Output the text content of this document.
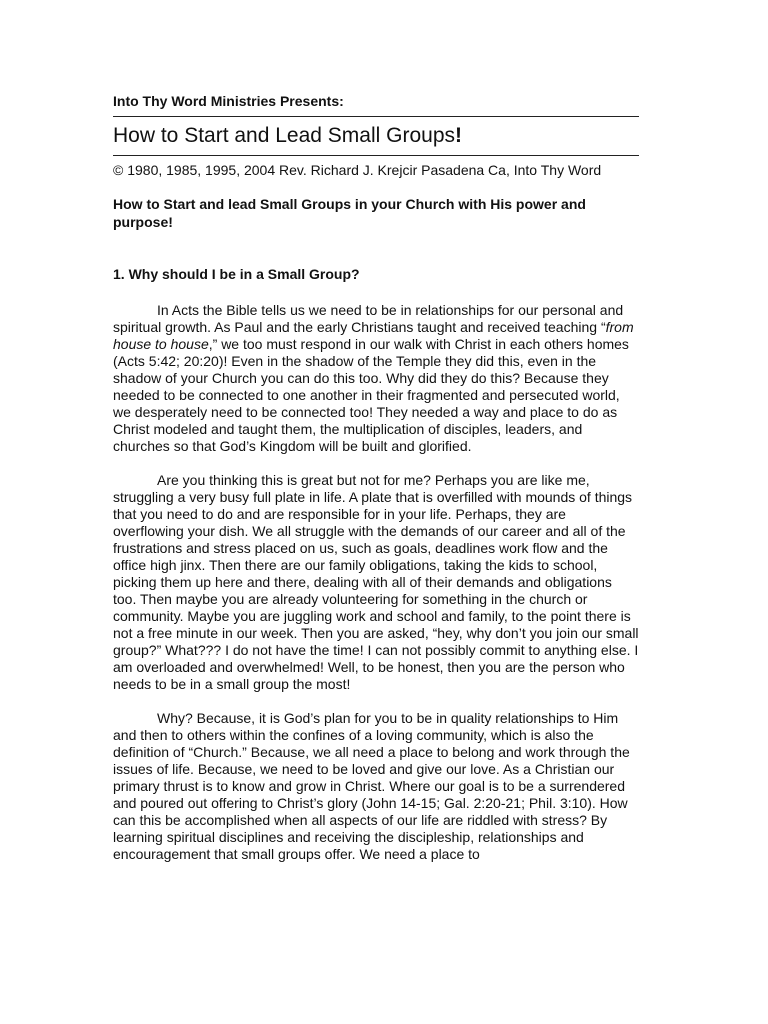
Into Thy Word Ministries Presents:

How to Start and Lead Small Groups!

© 1980, 1985, 1995, 2004 Rev. Richard J. Krejcir Pasadena Ca, Into Thy Word

How to Start and lead Small Groups in your Church with His power and purpose!

1. Why should I be in a Small Group?

In Acts the Bible tells us we need to be in relationships for our personal and spiritual growth. As Paul and the early Christians taught and received teaching “from house to house,” we too must respond in our walk with Christ in each others homes (Acts 5:42; 20:20)! Even in the shadow of the Temple they did this, even in the shadow of your Church you can do this too. Why did they do this? Because they needed to be connected to one another in their fragmented and persecuted world, we desperately need to be connected too! They needed a way and place to do as Christ modeled and taught them, the multiplication of disciples, leaders, and churches so that God’s Kingdom will be built and glorified.

Are you thinking this is great but not for me? Perhaps you are like me, struggling a very busy full plate in life. A plate that is overfilled with mounds of things that you need to do and are responsible for in your life. Perhaps, they are overflowing your dish. We all struggle with the demands of our career and all of the frustrations and stress placed on us, such as goals, deadlines work flow and the office high jinx. Then there are our family obligations, taking the kids to school, picking them up here and there, dealing with all of their demands and obligations too. Then maybe you are already volunteering for something in the church or community. Maybe you are juggling work and school and family, to the point there is not a free minute in our week. Then you are asked, “hey, why don’t you join our small group?” What??? I do not have the time! I can not possibly commit to anything else. I am overloaded and overwhelmed! Well, to be honest, then you are the person who needs to be in a small group the most!

Why? Because, it is God’s plan for you to be in quality relationships to Him and then to others within the confines of a loving community, which is also the definition of “Church.” Because, we all need a place to belong and work through the issues of life. Because, we need to be loved and give our love. As a Christian our primary thrust is to know and grow in Christ. Where our goal is to be a surrendered and poured out offering to Christ’s glory (John 14-15; Gal. 2:20-21; Phil. 3:10). How can this be accomplished when all aspects of our life are riddled with stress? By learning spiritual disciplines and receiving the discipleship, relationships and encouragement that small groups offer. We need a place to
